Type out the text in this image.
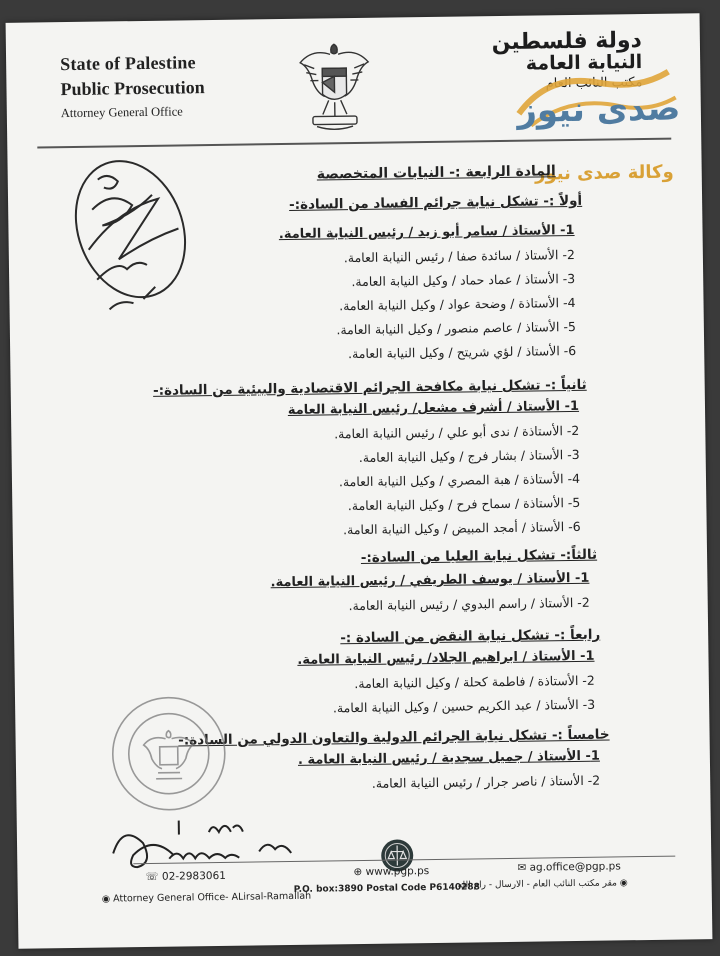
State of Palestine
Public Prosecution
Attorney General Office
دولة فلسطين
النيابة العامة
مكتب النائب العام
صدى نيوز
وكالة صدى نيوز
المادة الرابعة :- النيابات المتخصصة
أولاً :- تشكل نيابة جرائم الفساد من السادة:-
1- الأستاذ / سامر أبو زيد / رئيس النيابة العامة.
2- الأستاذ / سائدة صفا / رئيس النيابة العامة.
3- الأستاذ / عماد حماد / وكيل النيابة العامة.
4- الأستاذة / وضحة عواد / وكيل النيابة العامة.
5- الأستاذ / عاصم منصور / وكيل النيابة العامة.
6- الأستاذ / لؤي شريتح / وكيل النيابة العامة.
ثانياً :- تشكل نيابة مكافحة الجرائم الاقتصادية والبيئية من السادة:-
1- الأستاذ / أشرف مشعل/ رئيس النيابة العامة
2- الأستاذة / ندى أبو علي / رئيس النيابة العامة.
3- الأستاذ / بشار فرج / وكيل النيابة العامة.
4- الأستاذة / هبة المصري / وكيل النيابة العامة.
5- الأستاذة / سماح فرح / وكيل النيابة العامة.
6- الأستاذ / أمجد المبيض / وكيل النيابة العامة.
ثالثاً:- تشكل نيابة العليا من السادة:-
1- الأستاذ / يوسف الطريفي / رئيس النيابة العامة.
2- الأستاذ / راسم البدوي / رئيس النيابة العامة.
رابعاً :- تشكل نيابة النقض من السادة :-
1- الأستاذ / ابراهيم الجلاد/ رئيس النيابة العامة.
2- الأستاذة / فاطمة كحلة / وكيل النيابة العامة.
3- الأستاذ / عبد الكريم حسين / وكيل النيابة العامة.
خامساً :- تشكل نيابة الجرائم الدولية والتعاون الدولي من السادة:-
1- الأستاذ / جميل سجدية / رئيس النيابة العامة .
2- الأستاذ / ناصر جرار / رئيس النيابة العامة.
☏ 02-2983061	⊕ www.pgp.ps	✉ ag.office@pgp.ps
◉ Attorney General Office- ALirsal-Ramallah
P.O. box:3890 Postal Code P6140288	◉ مقر مكتب النائب العام - الارسال - رام الله
